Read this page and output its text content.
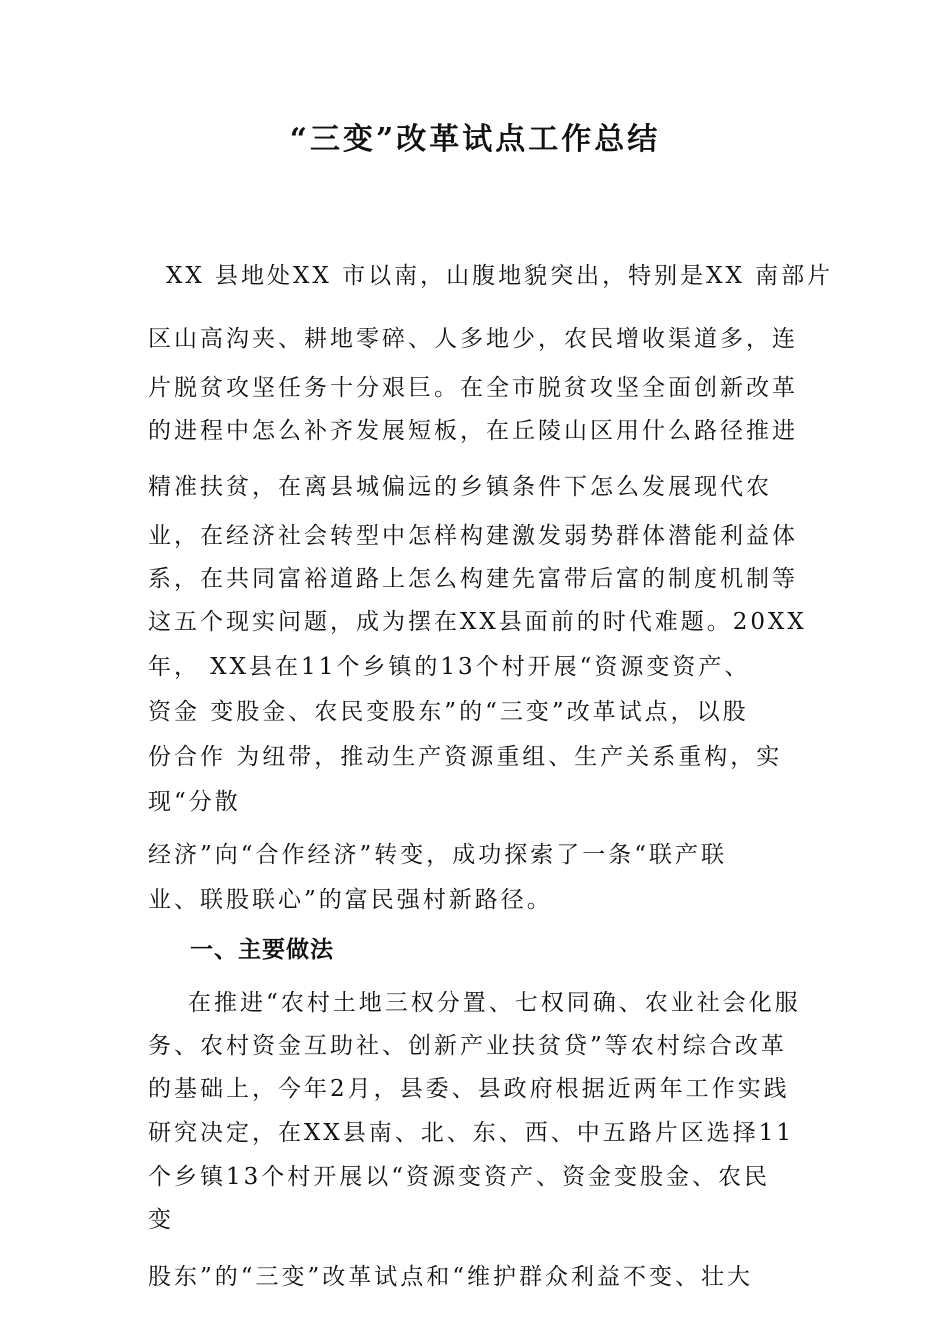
“三变”改革试点工作总结
XX 县地处XX 市以南，山腹地貌突出，特别是XX 南部片
区山高沟夹、耕地零碎、人多地少，农民增收渠道多，连
片脱贫攻坚任务十分艰巨。在全市脱贫攻坚全面创新改革
的进程中怎么补齐发展短板，在丘陵山区用什么路径推进
精准扶贫，在离县城偏远的乡镇条件下怎么发展现代农
业，在经济社会转型中怎样构建激发弱势群体潜能利益体
系，在共同富裕道路上怎么构建先富带后富的制度机制等
这五个现实问题，成为摆在XX县面前的时代难题。20XX
年， XX县在11个乡镇的13个村开展“资源变资产、
资金 变股金、农民变股东”的“三变”改革试点，以股
份合作 为纽带，推动生产资源重组、生产关系重构，实
现“分散
经济”向“合作经济”转变，成功探索了一条“联产联
业、联股联心”的富民强村新路径。
一、主要做法
在推进“农村土地三权分置、七权同确、农业社会化服
务、农村资金互助社、创新产业扶贫贷”等农村综合改革
的基础上，今年2月，县委、县政府根据近两年工作实践
研究决定，在XX县南、北、东、西、中五路片区选择11
个乡镇13个村开展以“资源变资产、资金变股金、农民
变
股东”的“三变”改革试点和“维护群众利益不变、壮大
